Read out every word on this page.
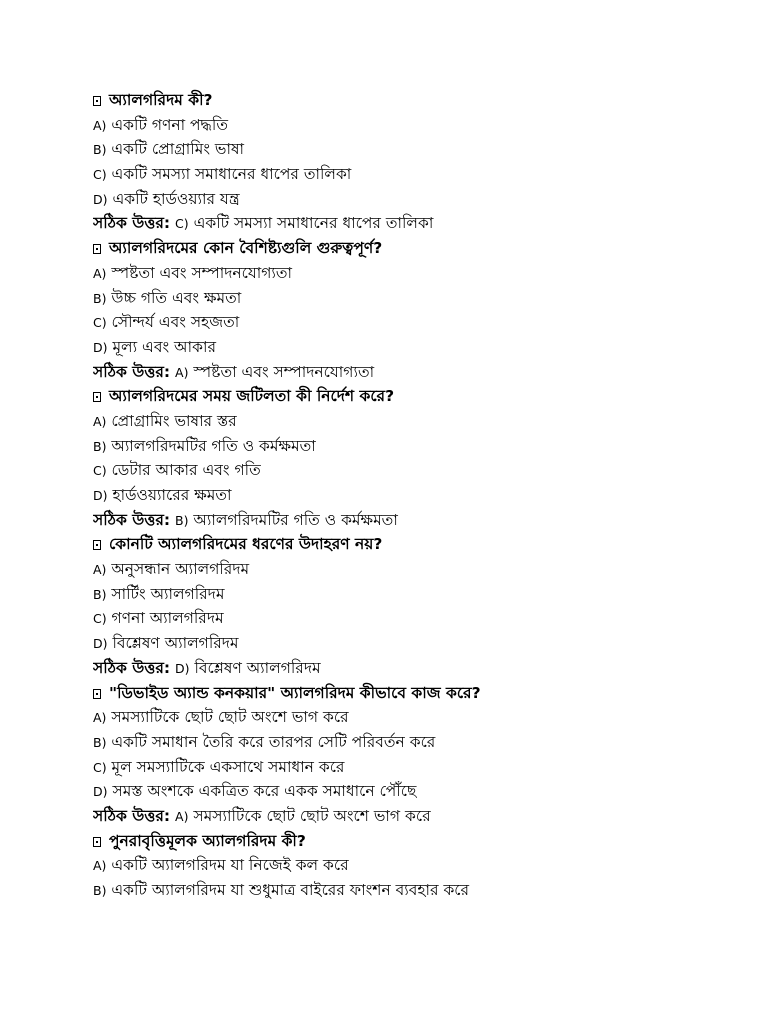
অ্যালগরিদম কী?
A) একটি গণনা পদ্ধতি
B) একটি প্রোগ্রামিং ভাষা
C) একটি সমস্যা সমাধানের ধাপের তালিকা
D) একটি হার্ডওয়্যার যন্ত্র
সঠিক উত্তর: C) একটি সমস্যা সমাধানের ধাপের তালিকা
অ্যালগরিদমের কোন বৈশিষ্ট্যগুলি গুরুত্বপূর্ণ?
A) স্পষ্টতা এবং সম্পাদনযোগ্যতা
B) উচ্চ গতি এবং ক্ষমতা
C) সৌন্দর্য এবং সহজতা
D) মূল্য এবং আকার
সঠিক উত্তর: A) স্পষ্টতা এবং সম্পাদনযোগ্যতা
অ্যালগরিদমের সময় জটিলতা কী নির্দেশ করে?
A) প্রোগ্রামিং ভাষার স্তর
B) অ্যালগরিদমটির গতি ও কর্মক্ষমতা
C) ডেটার আকার এবং গতি
D) হার্ডওয়্যারের ক্ষমতা
সঠিক উত্তর: B) অ্যালগরিদমটির গতি ও কর্মক্ষমতা
কোনটি অ্যালগরিদমের ধরণের উদাহরণ নয়?
A) অনুসন্ধান অ্যালগরিদম
B) সার্টিং অ্যালগরিদম
C) গণনা অ্যালগরিদম
D) বিশ্লেষণ অ্যালগরিদম
সঠিক উত্তর: D) বিশ্লেষণ অ্যালগরিদম
"ডিভাইড অ্যান্ড কনকয়ার" অ্যালগরিদম কীভাবে কাজ করে?
A) সমস্যাটিকে ছোট ছোট অংশে ভাগ করে
B) একটি সমাধান তৈরি করে তারপর সেটি পরিবর্তন করে
C) মূল সমস্যাটিকে একসাথে সমাধান করে
D) সমস্ত অংশকে একত্রিত করে একক সমাধানে পৌঁছে
সঠিক উত্তর: A) সমস্যাটিকে ছোট ছোট অংশে ভাগ করে
পুনরাবৃত্তিমূলক অ্যালগরিদম কী?
A) একটি অ্যালগরিদম যা নিজেই কল করে
B) একটি অ্যালগরিদম যা শুধুমাত্র বাইরের ফাংশন ব্যবহার করে
